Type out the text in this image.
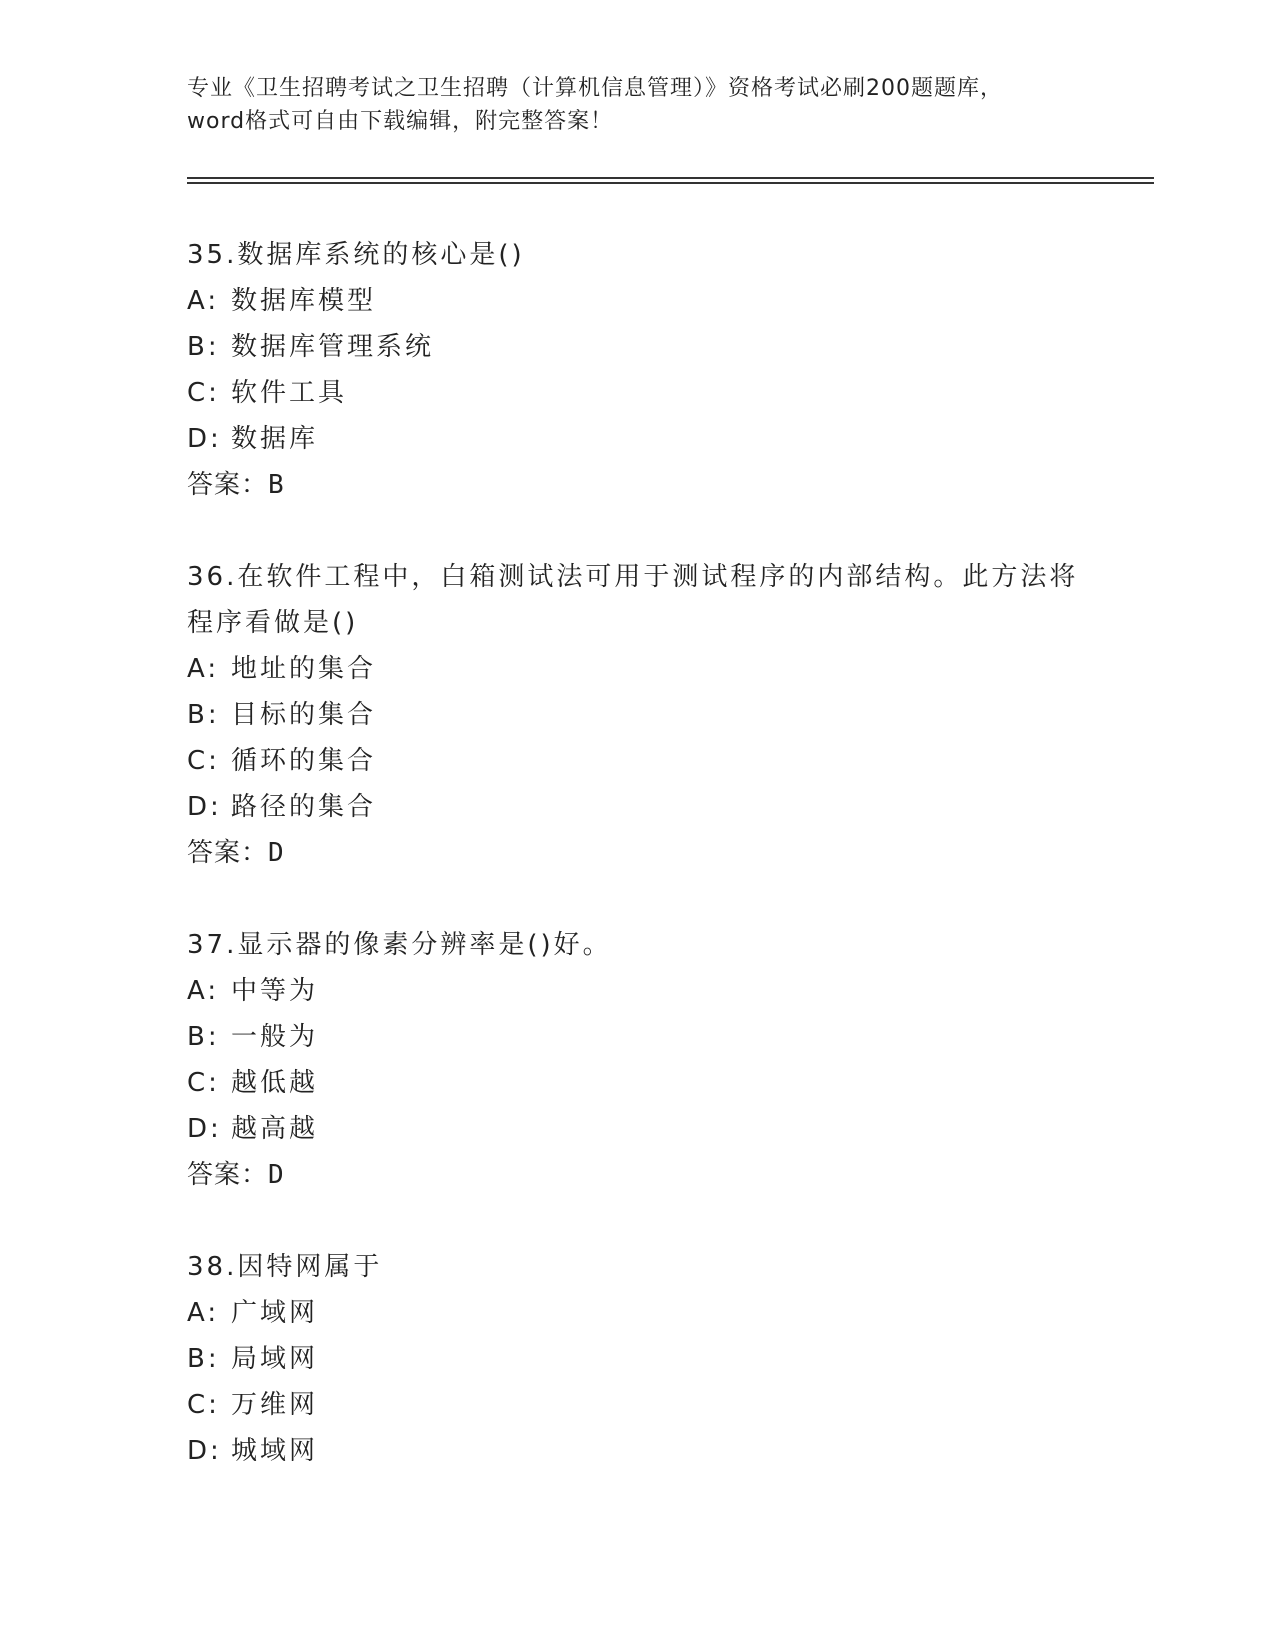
专业《卫生招聘考试之卫生招聘（计算机信息管理）》资格考试必刷200题题库，
word格式可自由下载编辑，附完整答案！
35.数据库系统的核心是()
A: 数据库模型
B: 数据库管理系统
C: 软件工具
D: 数据库
答案：B
36.在软件工程中，白箱测试法可用于测试程序的内部结构。此方法将
程序看做是()
A: 地址的集合
B: 目标的集合
C: 循环的集合
D: 路径的集合
答案：D
37.显示器的像素分辨率是()好。
A: 中等为
B: 一般为
C: 越低越
D: 越高越
答案：D
38.因特网属于
A: 广域网
B: 局域网
C: 万维网
D: 城域网
